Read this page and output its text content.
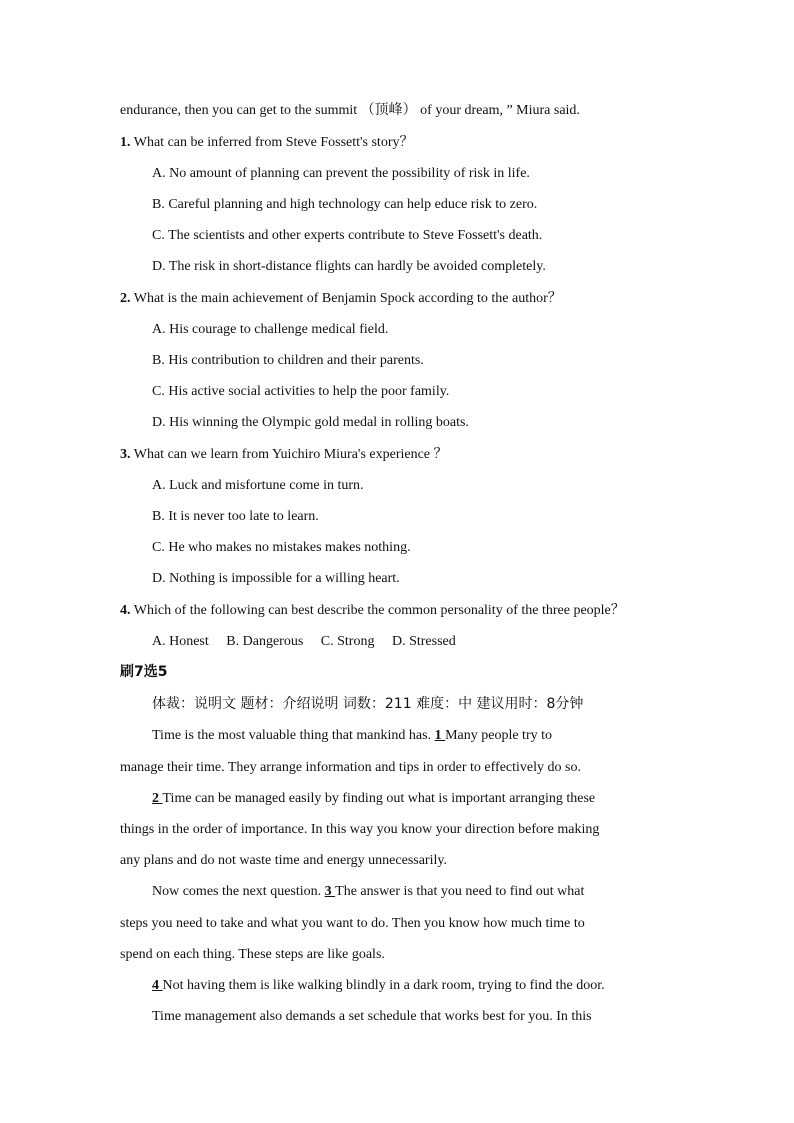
endurance, then you can get to the summit （顶峰） of your dream, ” Miura said.
1. What can be inferred from Steve Fossett's story？
A. No amount of planning can prevent the possibility of risk in life.
B. Careful planning and high technology can help educe risk to zero.
C. The scientists and other experts contribute to Steve Fossett's death.
D. The risk in short-distance flights can hardly be avoided completely.
2. What is the main achievement of Benjamin Spock according to the author？
A. His courage to challenge medical field.
B. His contribution to children and their parents.
C. His active social activities to help the poor family.
D. His winning the Olympic gold medal in rolling boats.
3. What can we learn from Yuichiro Miura's experience ？
A. Luck and misfortune come in turn.
B. It is never too late to learn.
C. He who makes no mistakes makes nothing.
D. Nothing is impossible for a willing heart.
4. Which of the following can best describe the common personality of the three people？
A. Honest B. Dangerous C. Strong D. Stressed
刷7选5
体裁：说明文 题材：介绍说明 词数：211 难度：中 建议用时：8分钟
Time is the most valuable thing that mankind has. 1 Many people try to
manage their time. They arrange information and tips in order to effectively do so.
2 Time can be managed easily by finding out what is important arranging these
things in the order of importance. In this way you know your direction before making
any plans and do not waste time and energy unnecessarily.
Now comes the next question. 3 The answer is that you need to find out what
steps you need to take and what you want to do. Then you know how much time to
spend on each thing. These steps are like goals.
4 Not having them is like walking blindly in a dark room, trying to find the door.
Time management also demands a set schedule that works best for you. In this
